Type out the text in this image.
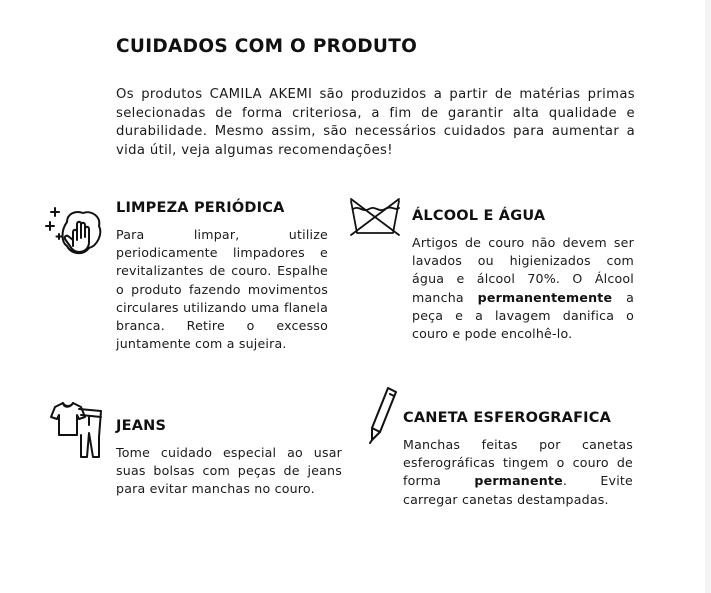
CUIDADOS COM O PRODUTO
Os produtos CAMILA AKEMI são produzidos a partir de matérias primas selecionadas de forma criteriosa, a fim de garantir alta qualidade e durabilidade. Mesmo assim, são necessários cuidados para aumentar a vida útil, veja algumas recomendações!
LIMPEZA PERIÓDICA
Para limpar, utilize periodicamente limpadores e revitalizantes de couro. Espalhe o produto fazendo movimentos circulares utilizando uma flanela branca. Retire o excesso juntamente com a sujeira.
ÁLCOOL E ÁGUA
Artigos de couro não devem ser lavados ou higienizados com água e álcool 70%. O Álcool mancha permanentemente a peça e a lavagem danifica o couro e pode encolhê-lo.
JEANS
Tome cuidado especial ao usar suas bolsas com peças de jeans para evitar manchas no couro.
CANETA ESFEROGRAFICA
Manchas feitas por canetas esferográficas tingem o couro de forma permanente. Evite carregar canetas destampadas.
